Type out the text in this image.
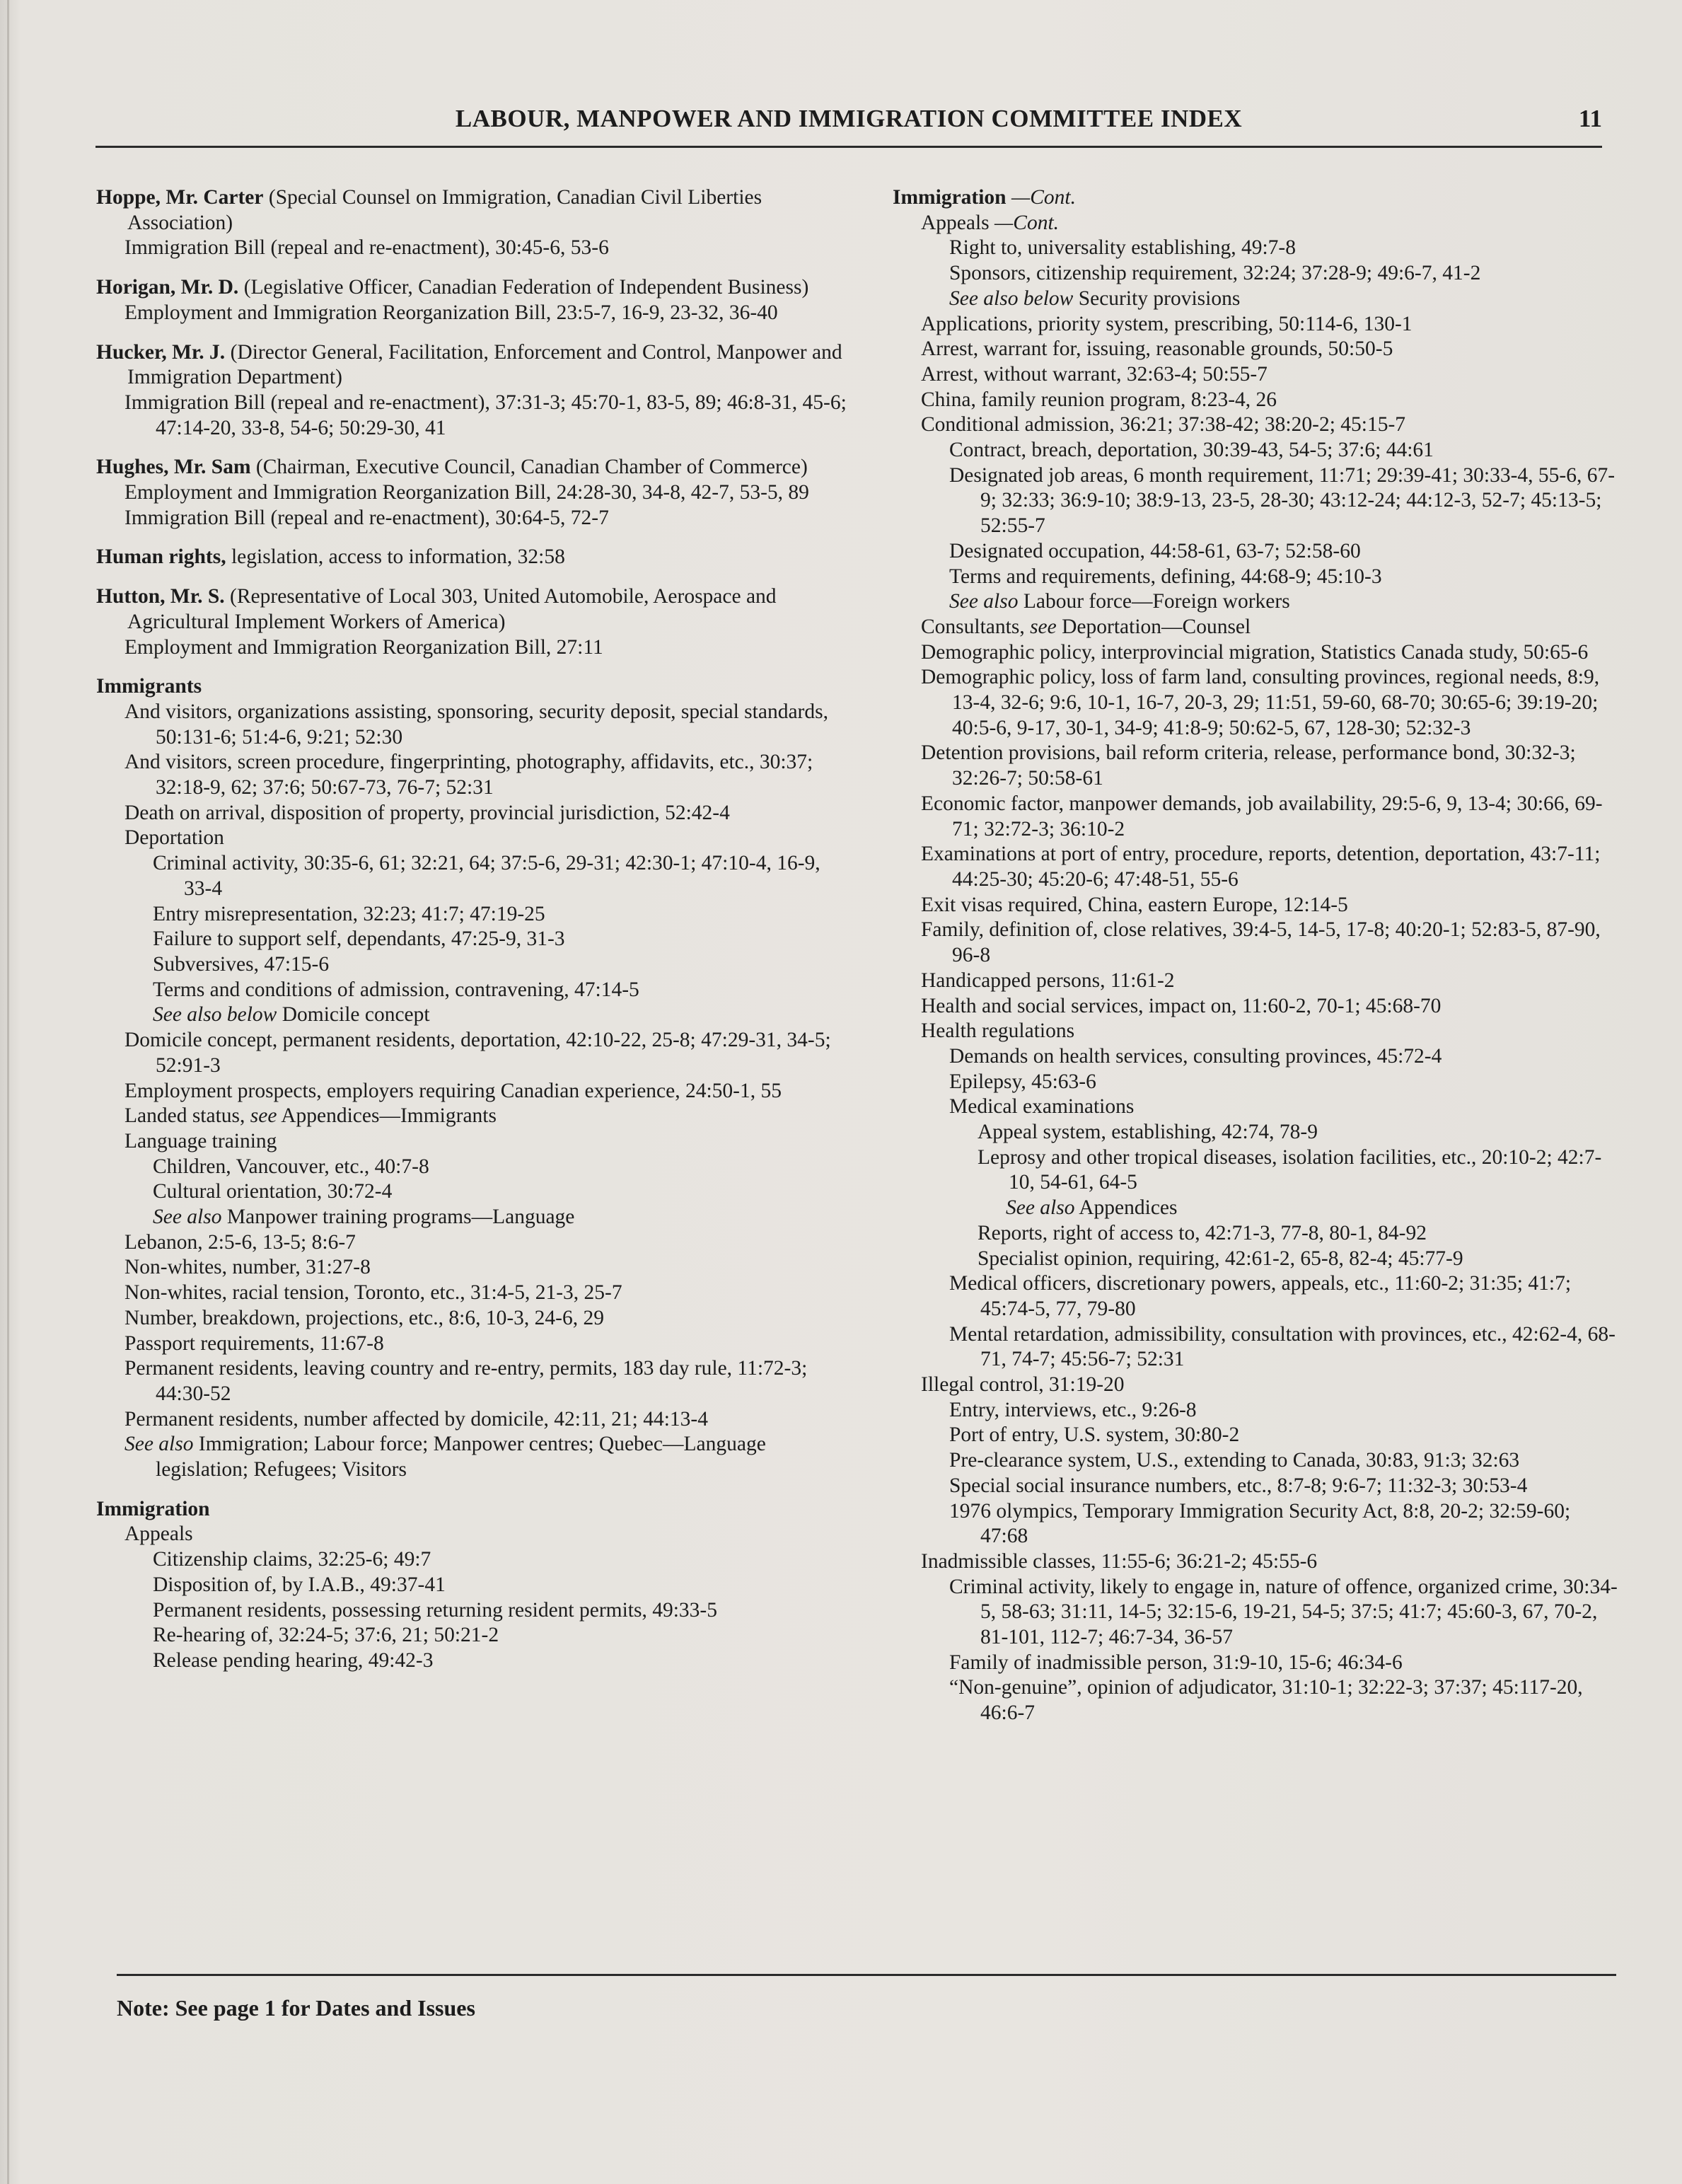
LABOUR, MANPOWER AND IMMIGRATION COMMITTEE INDEX	11
Hoppe, Mr. Carter (Special Counsel on Immigration, Canadian Civil Liberties Association)
Immigration Bill (repeal and re-enactment), 30:45-6, 53-6
Horigan, Mr. D. (Legislative Officer, Canadian Federation of Independent Business)
Employment and Immigration Reorganization Bill, 23:5-7, 16-9, 23-32, 36-40
Hucker, Mr. J. (Director General, Facilitation, Enforcement and Control, Manpower and Immigration Department)
Immigration Bill (repeal and re-enactment), 37:31-3; 45:70-1, 83-5, 89; 46:8-31, 45-6; 47:14-20, 33-8, 54-6; 50:29-30, 41
Hughes, Mr. Sam (Chairman, Executive Council, Canadian Chamber of Commerce)
Employment and Immigration Reorganization Bill, 24:28-30, 34-8, 42-7, 53-5, 89
Immigration Bill (repeal and re-enactment), 30:64-5, 72-7
Human rights, legislation, access to information, 32:58
Hutton, Mr. S. (Representative of Local 303, United Automobile, Aerospace and Agricultural Implement Workers of America)
Employment and Immigration Reorganization Bill, 27:11
Immigrants
And visitors, organizations assisting, sponsoring, security deposit, special standards, 50:131-6; 51:4-6, 9:21; 52:30
And visitors, screen procedure, fingerprinting, photography, affidavits, etc., 30:37; 32:18-9, 62; 37:6; 50:67-73, 76-7; 52:31
Death on arrival, disposition of property, provincial jurisdiction, 52:42-4
Deportation
Criminal activity, 30:35-6, 61; 32:21, 64; 37:5-6, 29-31; 42:30-1; 47:10-4, 16-9, 33-4
Entry misrepresentation, 32:23; 41:7; 47:19-25
Failure to support self, dependants, 47:25-9, 31-3
Subversives, 47:15-6
Terms and conditions of admission, contravening, 47:14-5
See also below Domicile concept
Domicile concept, permanent residents, deportation, 42:10-22, 25-8; 47:29-31, 34-5; 52:91-3
Employment prospects, employers requiring Canadian experience, 24:50-1, 55
Landed status, see Appendices—Immigrants
Language training
Children, Vancouver, etc., 40:7-8
Cultural orientation, 30:72-4
See also Manpower training programs—Language
Lebanon, 2:5-6, 13-5; 8:6-7
Non-whites, number, 31:27-8
Non-whites, racial tension, Toronto, etc., 31:4-5, 21-3, 25-7
Number, breakdown, projections, etc., 8:6, 10-3, 24-6, 29
Passport requirements, 11:67-8
Permanent residents, leaving country and re-entry, permits, 183 day rule, 11:72-3; 44:30-52
Permanent residents, number affected by domicile, 42:11, 21; 44:13-4
See also Immigration; Labour force; Manpower centres; Quebec—Language legislation; Refugees; Visitors
Immigration
Appeals
Citizenship claims, 32:25-6; 49:7
Disposition of, by I.A.B., 49:37-41
Permanent residents, possessing returning resident permits, 49:33-5
Re-hearing of, 32:24-5; 37:6, 21; 50:21-2
Release pending hearing, 49:42-3
Immigration —Cont.
Appeals —Cont.
Right to, universality establishing, 49:7-8
Sponsors, citizenship requirement, 32:24; 37:28-9; 49:6-7, 41-2
See also below Security provisions
Applications, priority system, prescribing, 50:114-6, 130-1
Arrest, warrant for, issuing, reasonable grounds, 50:50-5
Arrest, without warrant, 32:63-4; 50:55-7
China, family reunion program, 8:23-4, 26
Conditional admission, 36:21; 37:38-42; 38:20-2; 45:15-7
Contract, breach, deportation, 30:39-43, 54-5; 37:6; 44:61
Designated job areas, 6 month requirement, 11:71; 29:39-41; 30:33-4, 55-6, 67-9; 32:33; 36:9-10; 38:9-13, 23-5, 28-30; 43:12-24; 44:12-3, 52-7; 45:13-5; 52:55-7
Designated occupation, 44:58-61, 63-7; 52:58-60
Terms and requirements, defining, 44:68-9; 45:10-3
See also Labour force—Foreign workers
Consultants, see Deportation—Counsel
Demographic policy, interprovincial migration, Statistics Canada study, 50:65-6
Demographic policy, loss of farm land, consulting provinces, regional needs, 8:9, 13-4, 32-6; 9:6, 10-1, 16-7, 20-3, 29; 11:51, 59-60, 68-70; 30:65-6; 39:19-20; 40:5-6, 9-17, 30-1, 34-9; 41:8-9; 50:62-5, 67, 128-30; 52:32-3
Detention provisions, bail reform criteria, release, performance bond, 30:32-3; 32:26-7; 50:58-61
Economic factor, manpower demands, job availability, 29:5-6, 9, 13-4; 30:66, 69-71; 32:72-3; 36:10-2
Examinations at port of entry, procedure, reports, detention, deportation, 43:7-11; 44:25-30; 45:20-6; 47:48-51, 55-6
Exit visas required, China, eastern Europe, 12:14-5
Family, definition of, close relatives, 39:4-5, 14-5, 17-8; 40:20-1; 52:83-5, 87-90, 96-8
Handicapped persons, 11:61-2
Health and social services, impact on, 11:60-2, 70-1; 45:68-70
Health regulations
Demands on health services, consulting provinces, 45:72-4
Epilepsy, 45:63-6
Medical examinations
Appeal system, establishing, 42:74, 78-9
Leprosy and other tropical diseases, isolation facilities, etc., 20:10-2; 42:7-10, 54-61, 64-5
See also Appendices
Reports, right of access to, 42:71-3, 77-8, 80-1, 84-92
Specialist opinion, requiring, 42:61-2, 65-8, 82-4; 45:77-9
Medical officers, discretionary powers, appeals, etc., 11:60-2; 31:35; 41:7; 45:74-5, 77, 79-80
Mental retardation, admissibility, consultation with provinces, etc., 42:62-4, 68-71, 74-7; 45:56-7; 52:31
Illegal control, 31:19-20
Entry, interviews, etc., 9:26-8
Port of entry, U.S. system, 30:80-2
Pre-clearance system, U.S., extending to Canada, 30:83, 91:3; 32:63
Special social insurance numbers, etc., 8:7-8; 9:6-7; 11:32-3; 30:53-4
1976 olympics, Temporary Immigration Security Act, 8:8, 20-2; 32:59-60; 47:68
Inadmissible classes, 11:55-6; 36:21-2; 45:55-6
Criminal activity, likely to engage in, nature of offence, organized crime, 30:34-5, 58-63; 31:11, 14-5; 32:15-6, 19-21, 54-5; 37:5; 41:7; 45:60-3, 67, 70-2, 81-101, 112-7; 46:7-34, 36-57
Family of inadmissible person, 31:9-10, 15-6; 46:34-6
“Non-genuine”, opinion of adjudicator, 31:10-1; 32:22-3; 37:37; 45:117-20, 46:6-7
Note: See page 1 for Dates and Issues
